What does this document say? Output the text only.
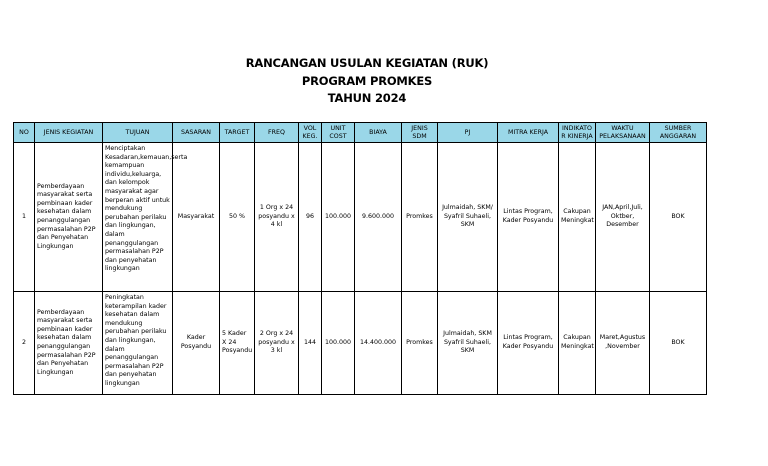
RANCANGAN USULAN KEGIATAN (RUK)
PROGRAM PROMKES
TAHUN 2024
NO	JENIS KEGIATAN	TUJUAN	SASARAN	TARGET	FREQ	VOL KEG.	UNIT COST	BIAYA	JENIS SDM	PJ	MITRA KERJA	INDIKATO R KINERJA	WAKTU PELAKSANAAN	SUMBER ANGGARAN
1	Pemberdayaan masyarakat serta pembinaan kader kesehatan dalam penanggulangan permasalahan P2P dan Penyehatan Lingkungan	Menciptakan Kesadaran,kemauan,serta kemampuan individu,keluarga, dan kelompok masyarakat agar berperan aktif untuk mendukung perubahan perilaku dan lingkungan, dalam penanggulangan permasalahan P2P dan penyehatan lingkungan	Masyarakat	50 %	1 Org x 24 posyandu x 4 kl	96	100.000	9.600.000	Promkes	Julmaidah, SKM/ Syafril Suhaeli, SKM	Lintas Program, Kader Posyandu	Cakupan Meningkat	JAN,April,Juli, Oktber, Desember	BOK
2	Pemberdayaan masyarakat serta pembinaan kader kesehatan dalam penanggulangan permasalahan P2P dan Penyehatan Lingkungan	Peningkatan keterampilan kader kesehatan dalam mendukung perubahan perilaku dan lingkungan, dalam penanggulangan permasalahan P2P dan penyehatan lingkungan	Kader Posyandu	5 Kader X 24 Posyandu	2 Org x 24 posyandu x 3 kl	144	100.000	14.400.000	Promkes	Julmaidah, SKM Syafril Suhaeli, SKM	Lintas Program, Kader Posyandu	Cakupan Meningkat	Maret,Agustus ,November	BOK
